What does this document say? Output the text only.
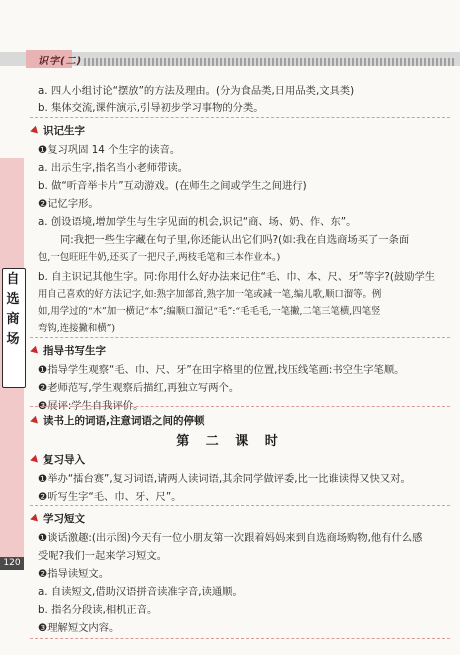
识字(二)
自选商场
120
a. 四人小组讨论“摆放”的方法及理由。(分为食品类,日用品类,文具类)
b. 集体交流,课件演示,引导初步学习事物的分类。
识记生字
❶复习巩固 14 个生字的读音。
a. 出示生字,指名当小老师带读。
b. 做“听音举卡片”互动游戏。(在师生之间或学生之间进行)
❷记忆字形。
a. 创设语境,增加学生与生字见面的机会,识记“商、场、奶、作、东”。
同:我把一些生字藏在句子里,你还能认出它们吗?(如:我在自选商场买了一条面
包,一包旺旺牛奶,还买了一把尺子,两枝毛笔和三本作业本。)
b. 自主识记其他生字。同:你用什么好办法来记住“毛、巾、本、尺、牙”等字?(鼓励学生
用自己喜欢的好方法记字,如:熟字加部首,熟字加一笔或减一笔,编儿歌,顺口溜等。例
如,用学过的“木”加一横记“本”;编顺口溜记“毛”:“毛毛毛,一笔撇,二笔三笔横,四笔竖
弯钩,连接撇和横”)
指导书写生字
❶指导学生观察“毛、巾、尺、牙”在田字格里的位置,找压线笔画:书空生字笔顺。
❷老师范写,学生观察后描红,再独立写两个。
❸展评:学生自我评价。
读书上的词语,注意词语之间的停顿
第 二 课 时
复习导入
❶举办“擂台赛”,复习词语,请两人读词语,其余同学做评委,比一比谁读得又快又对。
❷听写生字“毛、巾、牙、尺”。
学习短文
❶谈话激趣:(出示图)今天有一位小朋友第一次跟着妈妈来到自选商场购物,他有什么感
受呢?我们一起来学习短文。
❷指导读短文。
a. 自读短文,借助汉语拼音读准字音,读通顺。
b. 指名分段读,相机正音。
❸理解短文内容。
